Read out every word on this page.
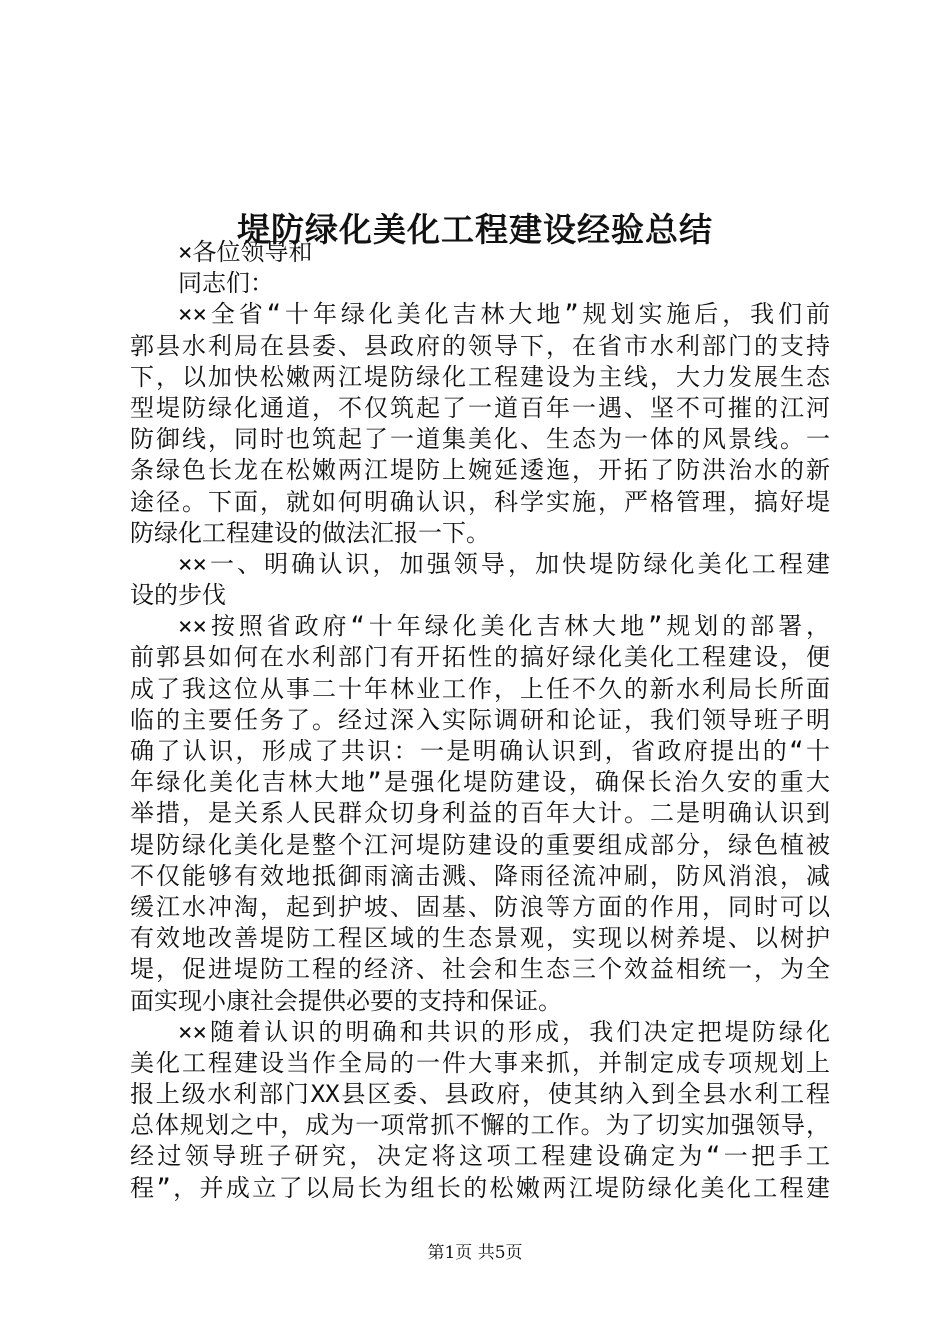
堤防绿化美化工程建设经验总结
×各位领导和
同志们：
××全省“十年绿化美化吉林大地”规划实施后，我们前
郭县水利局在县委、县政府的领导下，在省市水利部门的支持
下，以加快松嫩两江堤防绿化工程建设为主线，大力发展生态
型堤防绿化通道，不仅筑起了一道百年一遇、坚不可摧的江河
防御线，同时也筑起了一道集美化、生态为一体的风景线。一
条绿色长龙在松嫩两江堤防上婉延逶迤，开拓了防洪治水的新
途径。下面，就如何明确认识，科学实施，严格管理，搞好堤
防绿化工程建设的做法汇报一下。
××一、明确认识，加强领导，加快堤防绿化美化工程建
设的步伐
××按照省政府“十年绿化美化吉林大地”规划的部署，
前郭县如何在水利部门有开拓性的搞好绿化美化工程建设，便
成了我这位从事二十年林业工作，上任不久的新水利局长所面
临的主要任务了。经过深入实际调研和论证，我们领导班子明
确了认识，形成了共识：一是明确认识到，省政府提出的“十
年绿化美化吉林大地”是强化堤防建设，确保长治久安的重大
举措，是关系人民群众切身利益的百年大计。二是明确认识到
堤防绿化美化是整个江河堤防建设的重要组成部分，绿色植被
不仅能够有效地抵御雨滴击溅、降雨径流冲刷，防风消浪，减
缓江水冲淘，起到护坡、固基、防浪等方面的作用，同时可以
有效地改善堤防工程区域的生态景观，实现以树养堤、以树护
堤，促进堤防工程的经济、社会和生态三个效益相统一，为全
面实现小康社会提供必要的支持和保证。
××随着认识的明确和共识的形成，我们决定把堤防绿化
美化工程建设当作全局的一件大事来抓，并制定成专项规划上
报上级水利部门XX县区委、县政府，使其纳入到全县水利工程
总体规划之中，成为一项常抓不懈的工作。为了切实加强领导，
经过领导班子研究，决定将这项工程建设确定为“一把手工
程”，并成立了以局长为组长的松嫩两江堤防绿化美化工程建
第1页 共5页
